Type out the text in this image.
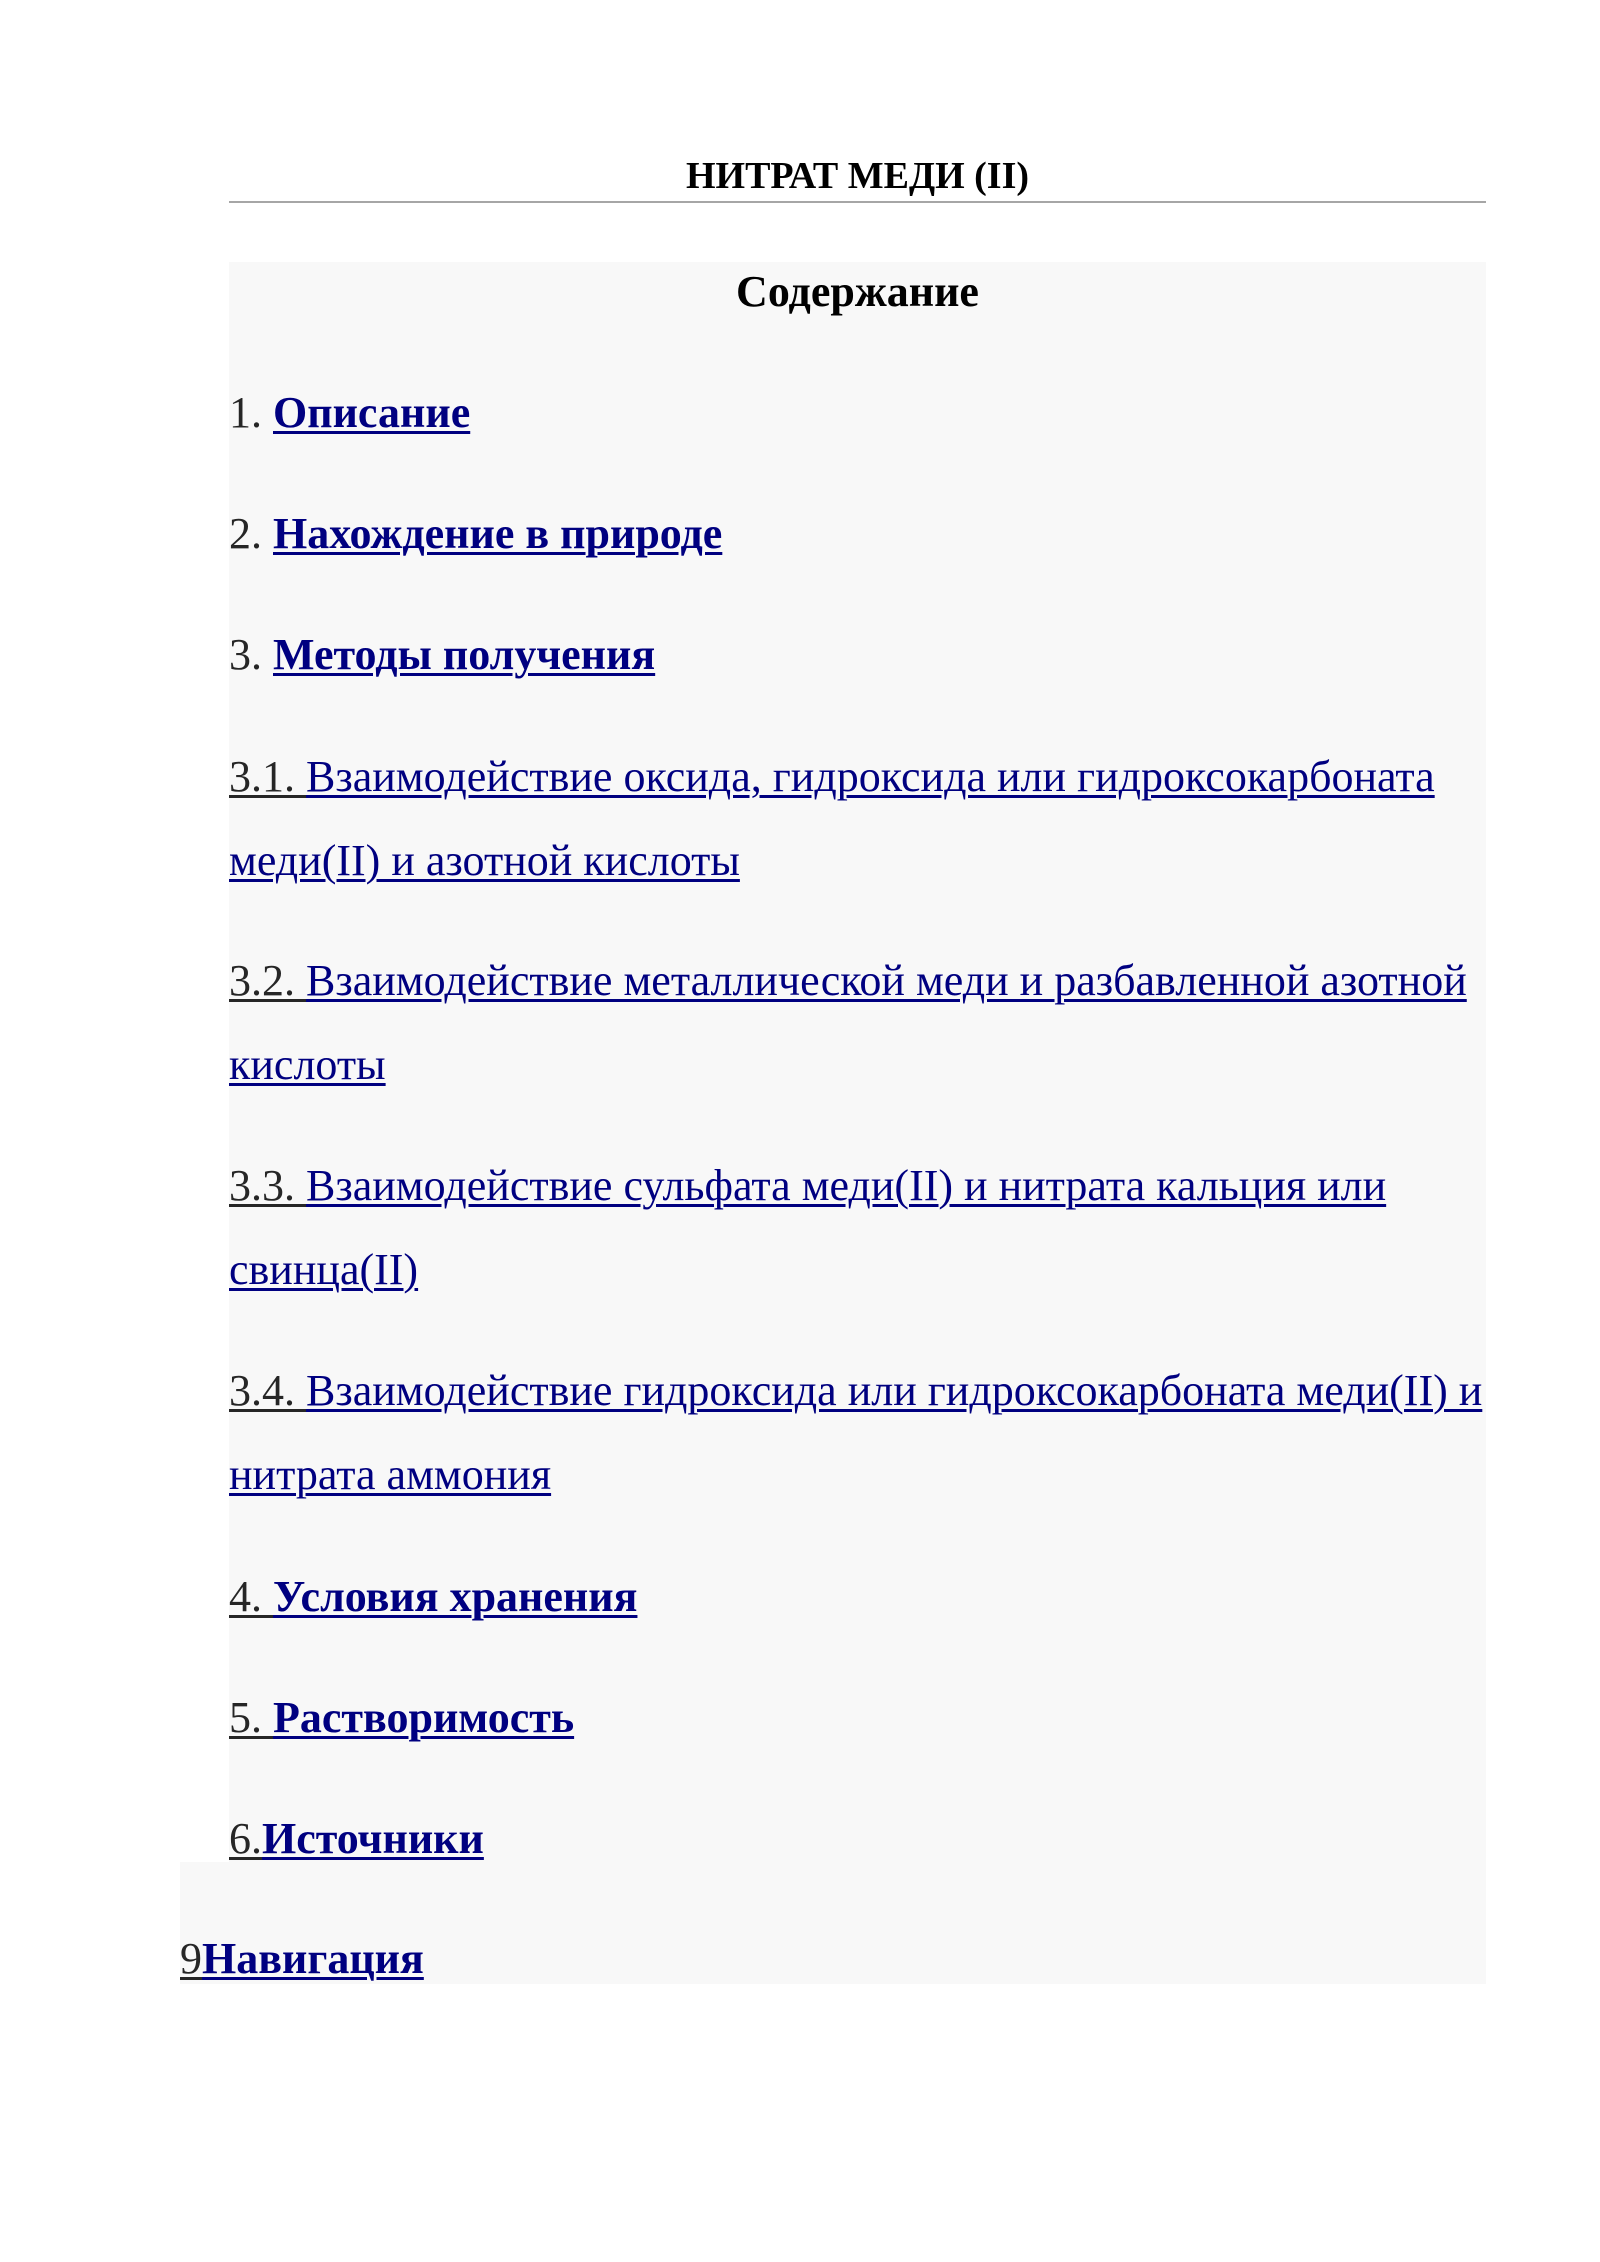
НИТРАТ МЕДИ (II)
Содержание
1. Описание
2. Нахождение в природе
3. Методы получения
3.1. Взаимодействие оксида, гидроксида или гидроксокарбоната меди(II) и азотной кислоты
3.2. Взаимодействие металлической меди и разбавленной азотной кислоты
3.3. Взаимодействие сульфата меди(II) и нитрата кальция или свинца(II)
3.4. Взаимодействие гидроксида или гидроксокарбоната меди(II) и нитрата аммония
4. Условия хранения
5. Растворимость
6.Источники
9Навигация
